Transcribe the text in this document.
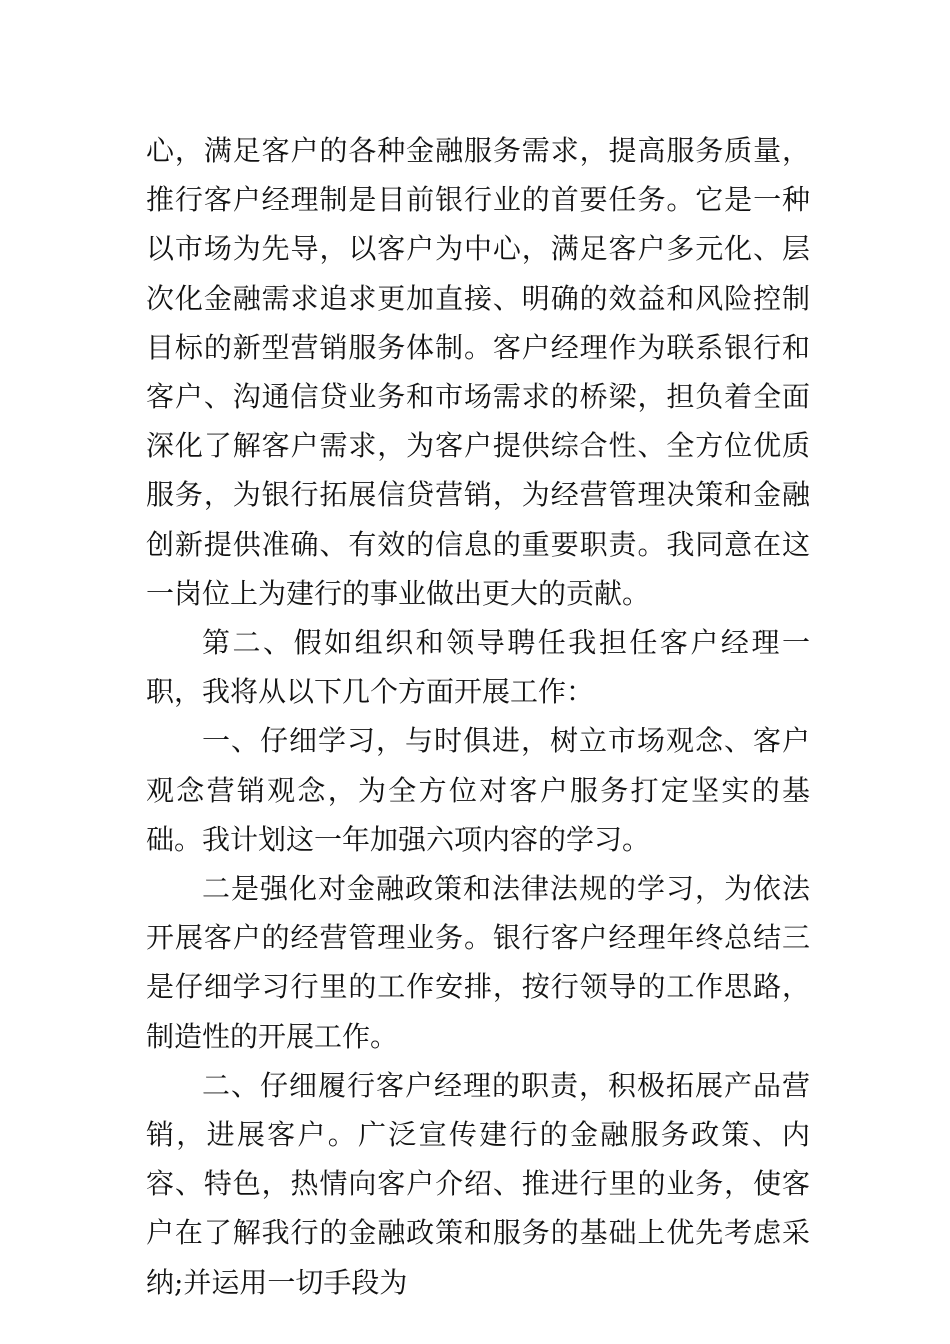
心，满足客户的各种金融服务需求，提高服务质量，推行客户经理制是目前银行业的首要任务。它是一种以市场为先导，以客户为中心，满足客户多元化、层次化金融需求追求更加直接、明确的效益和风险控制目标的新型营销服务体制。客户经理作为联系银行和客户、沟通信贷业务和市场需求的桥梁，担负着全面深化了解客户需求，为客户提供综合性、全方位优质服务，为银行拓展信贷营销，为经营管理决策和金融创新提供准确、有效的信息的重要职责。我同意在这一岗位上为建行的事业做出更大的贡献。

第二、假如组织和领导聘任我担任客户经理一职，我将从以下几个方面开展工作：

一、仔细学习，与时俱进，树立市场观念、客户观念营销观念，为全方位对客户服务打定坚实的基础。我计划这一年加强六项内容的学习。

二是强化对金融政策和法律法规的学习，为依法开展客户的经营管理业务。银行客户经理年终总结三是仔细学习行里的工作安排，按行领导的工作思路，制造性的开展工作。

二、仔细履行客户经理的职责，积极拓展产品营销，进展客户。广泛宣传建行的金融服务政策、内容、特色，热情向客户介绍、推进行里的业务，使客户在了解我行的金融政策和服务的基础上优先考虑采纳;并运用一切手段为
